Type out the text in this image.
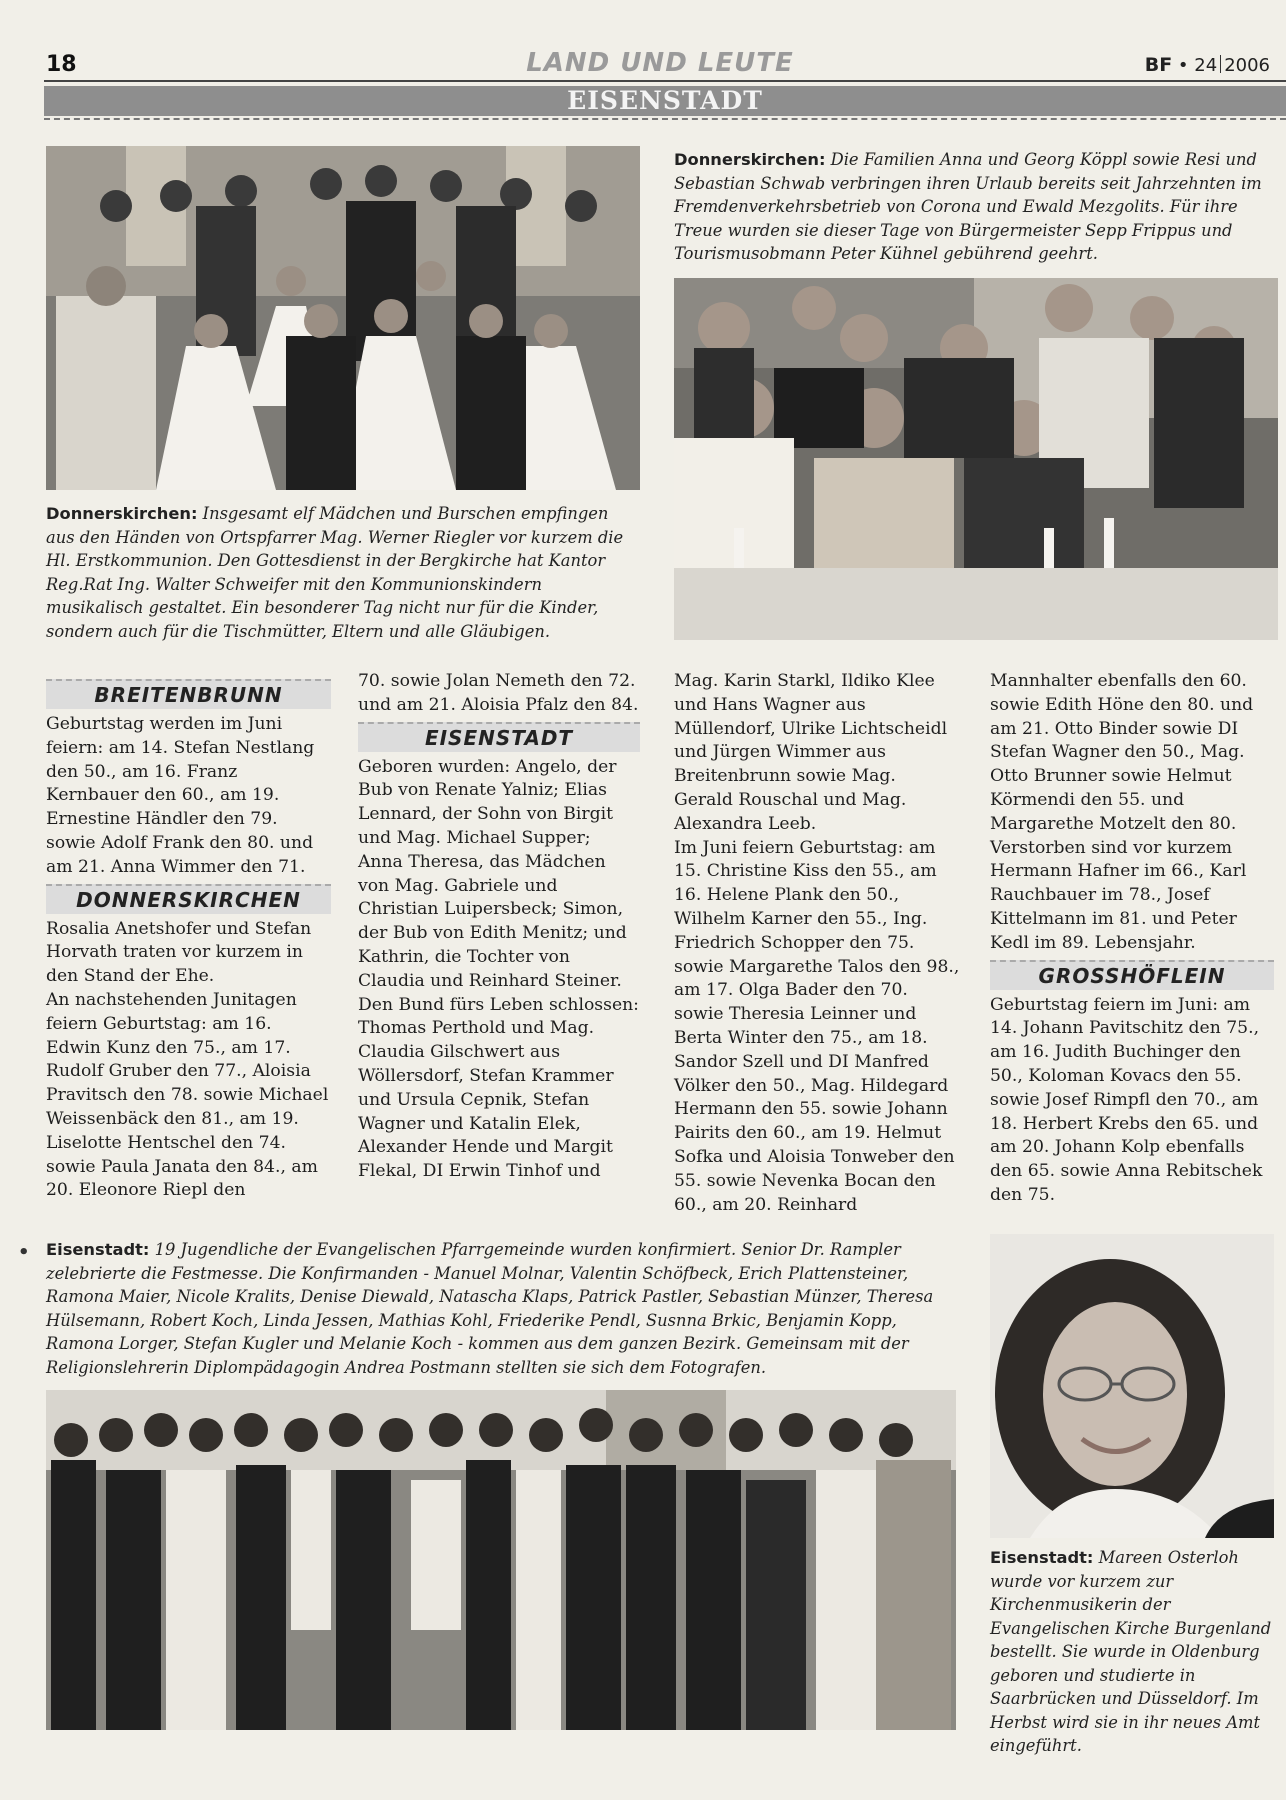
18	LAND UND LEUTE	BF • 24 2006
EISENSTADT
Donnerskirchen: Insgesamt elf Mädchen und Burschen empfingen aus den Händen von Ortspfarrer Mag. Werner Riegler vor kurzem die Hl. Erstkommunion. Den Gottesdienst in der Bergkirche hat Kantor Reg.Rat Ing. Walter Schweifer mit den Kommunionskindern musikalisch gestaltet. Ein besonderer Tag nicht nur für die Kinder, sondern auch für die Tischmütter, Eltern und alle Gläubigen.
Donnerskirchen: Die Familien Anna und Georg Köppl sowie Resi und Sebastian Schwab verbringen ihren Urlaub bereits seit Jahrzehnten im Fremdenverkehrsbetrieb von Corona und Ewald Mezgolits. Für ihre Treue wurden sie dieser Tage von Bürgermeister Sepp Frippus und Tourismusobmann Peter Kühnel gebührend geehrt.
BREITENBRUNN

Geburtstag werden im Juni feiern: am 14. Stefan Nestlang den 50., am 16. Franz Kernbauer den 60., am 19. Ernestine Händler den 79. sowie Adolf Frank den 80. und am 21. Anna Wimmer den 71.

DONNERSKIRCHEN

Rosalia Anetshofer und Stefan Horvath traten vor kurzem in den Stand der Ehe.

An nachstehenden Junitagen feiern Geburtstag: am 16. Edwin Kunz den 75., am 17. Rudolf Gruber den 77., Aloisia Pravitsch den 78. sowie Michael Weissenbäck den 81., am 19. Liselotte Hentschel den 74. sowie Paula Janata den 84., am 20. Eleonore Riepl den

70. sowie Jolan Nemeth den 72. und am 21. Aloisia Pfalz den 84.

EISENSTADT

Geboren wurden: Angelo, der Bub von Renate Yalniz; Elias Lennard, der Sohn von Birgit und Mag. Michael Supper; Anna Theresa, das Mädchen von Mag. Gabriele und Christian Luipersbeck; Simon, der Bub von Edith Menitz; und Kathrin, die Tochter von Claudia und Reinhard Steiner.

Den Bund fürs Leben schlossen: Thomas Perthold und Mag. Claudia Gilschwert aus Wöllersdorf, Stefan Krammer und Ursula Cepnik, Stefan Wagner und Katalin Elek, Alexander Hende und Margit Flekal, DI Erwin Tinhof und

Mag. Karin Starkl, Ildiko Klee und Hans Wagner aus Müllendorf, Ulrike Lichtscheidl und Jürgen Wimmer aus Breitenbrunn sowie Mag. Gerald Rouschal und Mag. Alexandra Leeb.

Im Juni feiern Geburtstag: am 15. Christine Kiss den 55., am 16. Helene Plank den 50., Wilhelm Karner den 55., Ing. Friedrich Schopper den 75. sowie Margarethe Talos den 98., am 17. Olga Bader den 70. sowie Theresia Leinner und Berta Winter den 75., am 18. Sandor Szell und DI Manfred Völker den 50., Mag. Hildegard Hermann den 55. sowie Johann Pairits den 60., am 19. Helmut Sofka und Aloisia Tonweber den 55. sowie Nevenka Bocan den 60., am 20. Reinhard

Mannhalter ebenfalls den 60. sowie Edith Höne den 80. und am 21. Otto Binder sowie DI Stefan Wagner den 50., Mag. Otto Brunner sowie Helmut Körmendi den 55. und Margarethe Motzelt den 80.

Verstorben sind vor kurzem Hermann Hafner im 66., Karl Rauchbauer im 78., Josef Kittelmann im 81. und Peter Kedl im 89. Lebensjahr.

GROSSHÖFLEIN

Geburtstag feiern im Juni: am 14. Johann Pavitschitz den 75., am 16. Judith Buchinger den 50., Koloman Kovacs den 55. sowie Josef Rimpfl den 70., am 18. Herbert Krebs den 65. und am 20. Johann Kolp ebenfalls den 65. sowie Anna Rebitschek den 75.

• Eisenstadt: 19 Jugendliche der Evangelischen Pfarrgemeinde wurden konfirmiert. Senior Dr. Rampler zelebrierte die Festmesse. Die Konfirmanden - Manuel Molnar, Valentin Schöfbeck, Erich Plattensteiner, Ramona Maier, Nicole Kralits, Denise Diewald, Natascha Klaps, Patrick Pastler, Sebastian Münzer, Theresa Hülsemann, Robert Koch, Linda Jessen, Mathias Kohl, Friederike Pendl, Susnna Brkic, Benjamin Kopp, Ramona Lorger, Stefan Kugler und Melanie Koch - kommen aus dem ganzen Bezirk. Gemeinsam mit der Religionslehrerin Diplompädagogin Andrea Postmann stellten sie sich dem Fotografen.
Eisenstadt: Mareen Osterloh wurde vor kurzem zur Kirchenmusikerin der Evangelischen Kirche Burgenland bestellt. Sie wurde in Oldenburg geboren und studierte in Saarbrücken und Düsseldorf. Im Herbst wird sie in ihr neues Amt eingeführt.
